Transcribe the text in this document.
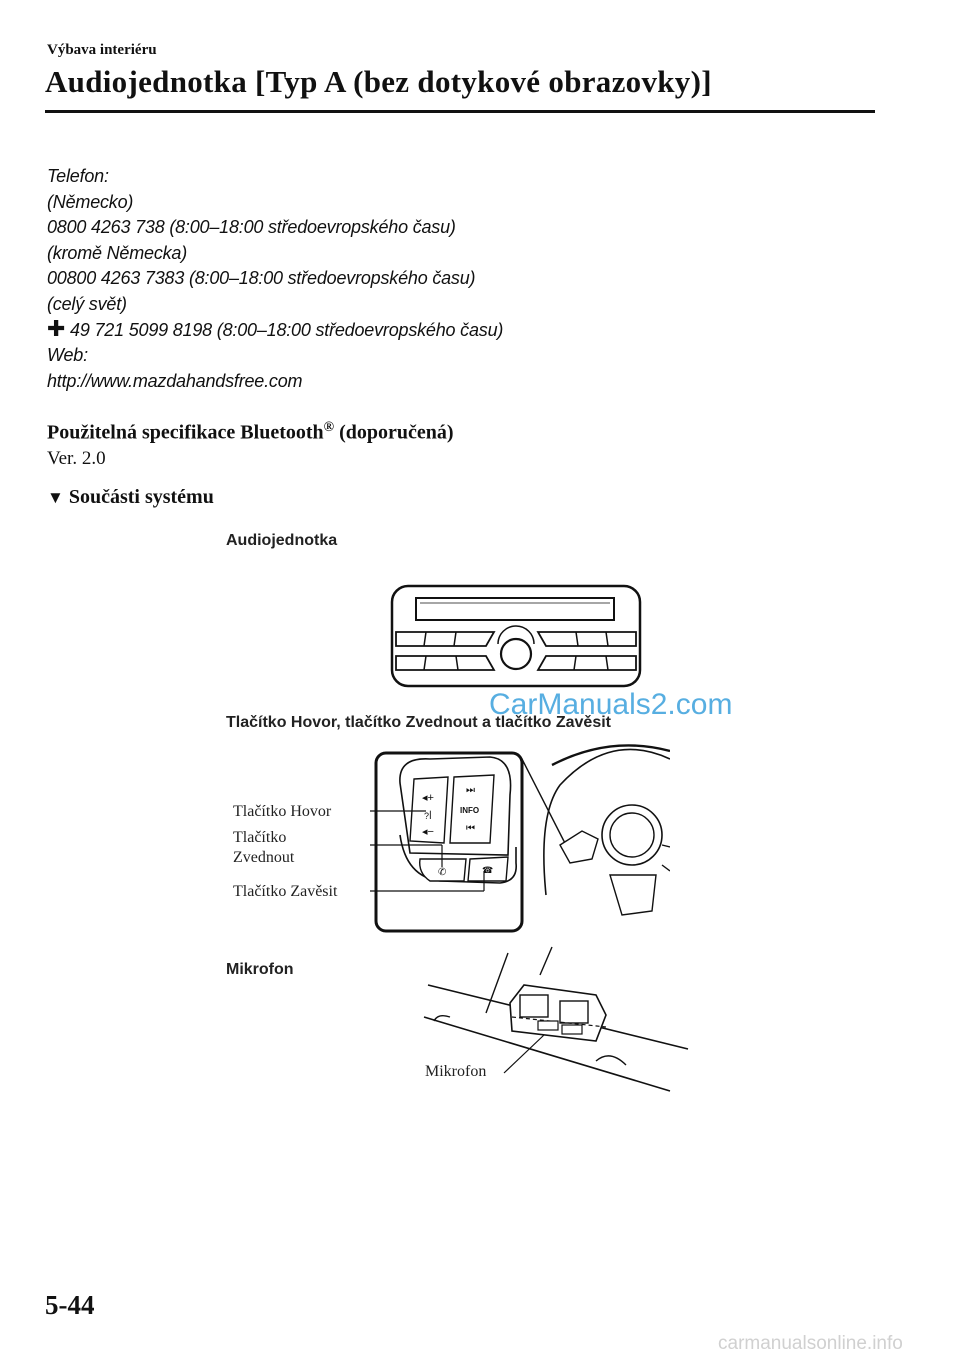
Výbava interiéru
Audiojednotka [Typ A (bez dotykové obrazovky)]
Telefon:
(Německo)
0800 4263 738 (8:00–18:00 středoevropského času)
(kromě Německa)
00800 4263 7383 (8:00–18:00 středoevropského času)
(celý svět)
✚ 49 721 5099 8198 (8:00–18:00 středoevropského času)
Web:
http://www.mazdahandsfree.com
Použitelná specifikace Bluetooth® (doporučená)
Ver. 2.0
▼ Součásti systému
Audiojednotka
CarManuals2.com
Tlačítko Hovor, tlačítko Zvednout a tlačítko Zavěsit
◂+
?ꟾ
◂−
⏭
INFO
⏮
✆	☎
Tlačítko Hovor
Tlačítko
Zvednout
Tlačítko Zavěsit
Mikrofon
Mikrofon
5-44
carmanualsonline.info
